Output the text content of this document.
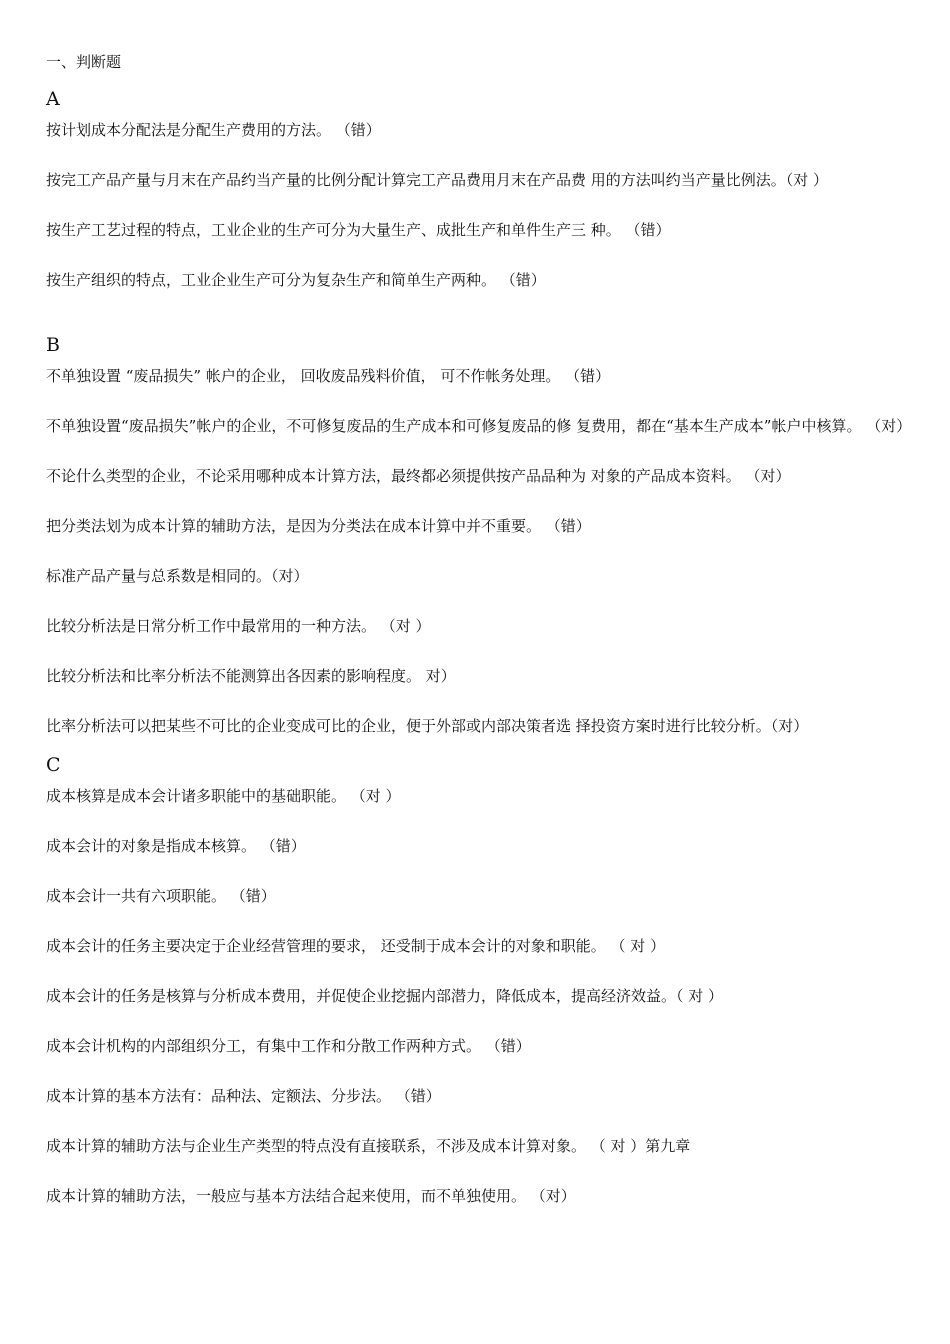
一、判断题

A

按计划成本分配法是分配生产费用的方法。 （错）

按完工产品产量与月末在产品约当产量的比例分配计算完工产品费用月末在产品费 用的方法叫约当产量比例法。（对 ）

按生产工艺过程的特点，工业企业的生产可分为大量生产、成批生产和单件生产三 种。 （错）

按生产组织的特点，工业企业生产可分为复杂生产和简单生产两种。 （错）

B

不单独设置 “废品损失” 帐户的企业， 回收废品残料价值， 可不作帐务处理。 （错）

不单独设置“废品损失”帐户的企业，不可修复废品的生产成本和可修复废品的修 复费用，都在“基本生产成本”帐户中核算。 （对）

不论什么类型的企业，不论采用哪种成本计算方法，最终都必须提供按产品品种为 对象的产品成本资料。 （对）

把分类法划为成本计算的辅助方法，是因为分类法在成本计算中并不重要。 （错）

标准产品产量与总系数是相同的。（对）

比较分析法是日常分析工作中最常用的一种方法。 （对 ）

比较分析法和比率分析法不能测算出各因素的影响程度。 对）

比率分析法可以把某些不可比的企业变成可比的企业，便于外部或内部决策者选 择投资方案时进行比较分析。（对）

C

成本核算是成本会计诸多职能中的基础职能。 （对 ）

成本会计的对象是指成本核算。 （错）

成本会计一共有六项职能。 （错）

成本会计的任务主要决定于企业经营管理的要求， 还受制于成本会计的对象和职能。 （ 对 ）

成本会计的任务是核算与分析成本费用，并促使企业挖掘内部潜力，降低成本，提高经济效益。（ 对 ）

成本会计机构的内部组织分工，有集中工作和分散工作两种方式。 （错）

成本计算的基本方法有：品种法、定额法、分步法。 （错）

成本计算的辅助方法与企业生产类型的特点没有直接联系，不涉及成本计算对象。 （ 对 ）第九章

成本计算的辅助方法，一般应与基本方法结合起来使用，而不单独使用。 （对）
